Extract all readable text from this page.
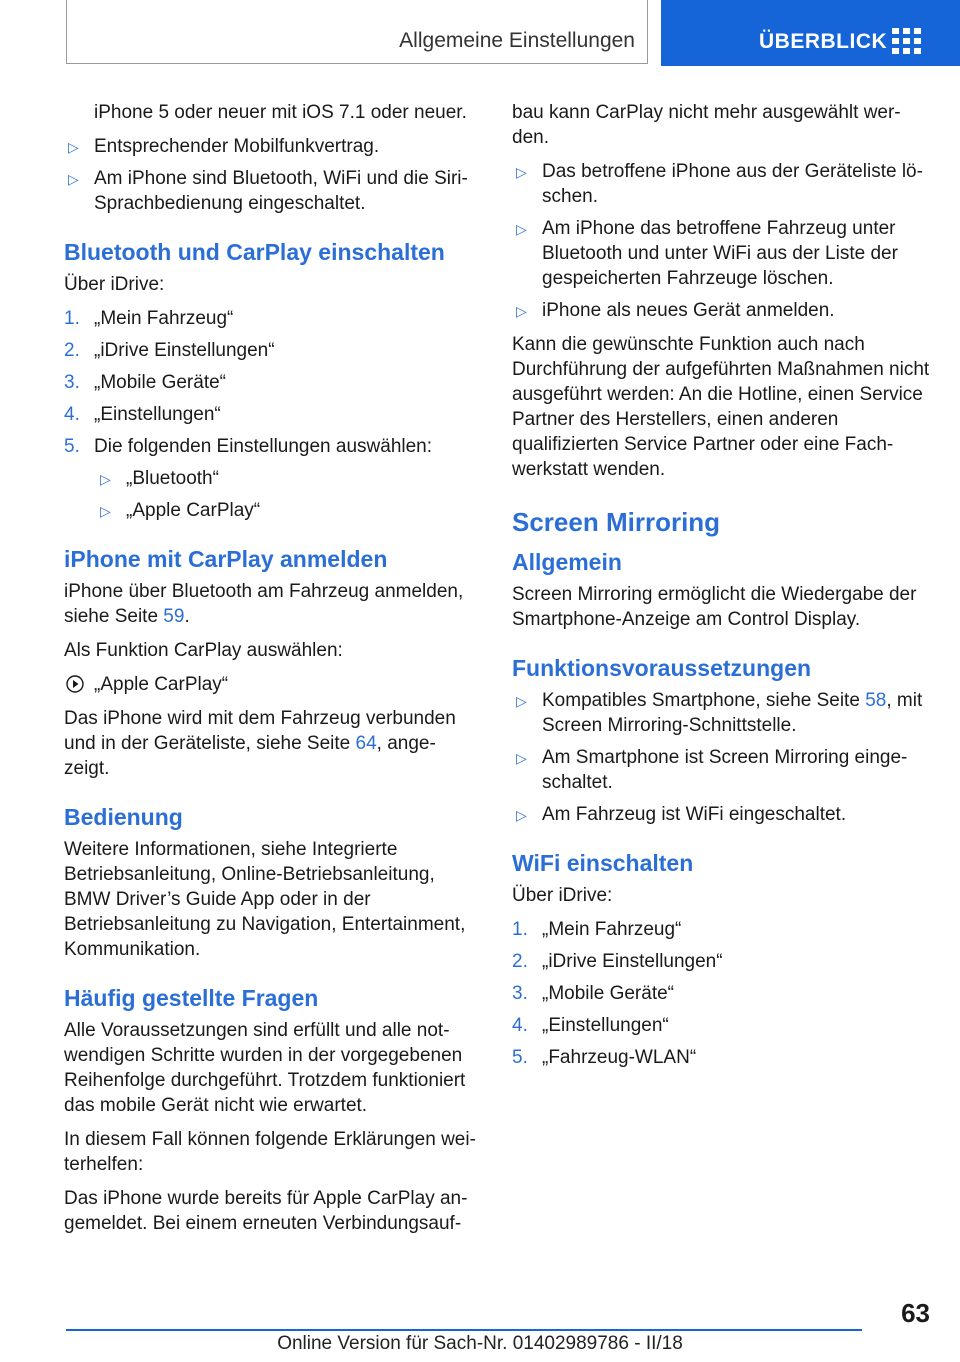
Allgemeine Einstellungen	ÜBERBLICK

iPhone 5 oder neuer mit iOS 7.1 oder neuer.

▷ Entsprechender Mobilfunkvertrag.
▷ Am iPhone sind Bluetooth, WiFi und die Siri-Sprachbedienung eingeschaltet.
Bluetooth und CarPlay einschalten

Über iDrive:

1. „Mein Fahrzeug“
2. „iDrive Einstellungen“
3. „Mobile Geräte“
4. „Einstellungen“
5. Die folgenden Einstellungen auswählen:
▷ „Bluetooth“
▷ „Apple CarPlay“
iPhone mit CarPlay anmelden

iPhone über Bluetooth am Fahrzeug anmelden, siehe Seite 59.

Als Funktion CarPlay auswählen:

„Apple CarPlay“

Das iPhone wird mit dem Fahrzeug verbunden und in der Geräteliste, siehe Seite 64, ange-zeigt.

Bedienung

Weitere Informationen, siehe Integrierte Betriebsanleitung, Online-Betriebsanleitung, BMW Driver’s Guide App oder in der Betriebsanleitung zu Navigation, Entertainment, Kommunikation.

Häufig gestellte Fragen

Alle Voraussetzungen sind erfüllt und alle not-wendigen Schritte wurden in der vorgegebenen Reihenfolge durchgeführt. Trotzdem funktioniert das mobile Gerät nicht wie erwartet.

In diesem Fall können folgende Erklärungen wei-terhelfen:

Das iPhone wurde bereits für Apple CarPlay an-gemeldet. Bei einem erneuten Verbindungsauf-

bau kann CarPlay nicht mehr ausgewählt wer-den.

▷ Das betroffene iPhone aus der Geräteliste lö-schen.
▷ Am iPhone das betroffene Fahrzeug unter Bluetooth und unter WiFi aus der Liste der gespeicherten Fahrzeuge löschen.
▷ iPhone als neues Gerät anmelden.

Kann die gewünschte Funktion auch nach Durchführung der aufgeführten Maßnahmen nicht ausgeführt werden: An die Hotline, einen Service Partner des Herstellers, einen anderen qualifizierten Service Partner oder eine Fach-werkstatt wenden.

Screen Mirroring
Allgemein

Screen Mirroring ermöglicht die Wiedergabe der Smartphone-Anzeige am Control Display.

Funktionsvoraussetzungen
▷ Kompatibles Smartphone, siehe Seite 58, mit Screen Mirroring-Schnittstelle.
▷ Am Smartphone ist Screen Mirroring einge-schaltet.
▷ Am Fahrzeug ist WiFi eingeschaltet.
WiFi einschalten

Über iDrive:

1. „Mein Fahrzeug“
2. „iDrive Einstellungen“
3. „Mobile Geräte“
4. „Einstellungen“
5. „Fahrzeug-WLAN“
63
Online Version für Sach-Nr. 01402989786 - II/18
